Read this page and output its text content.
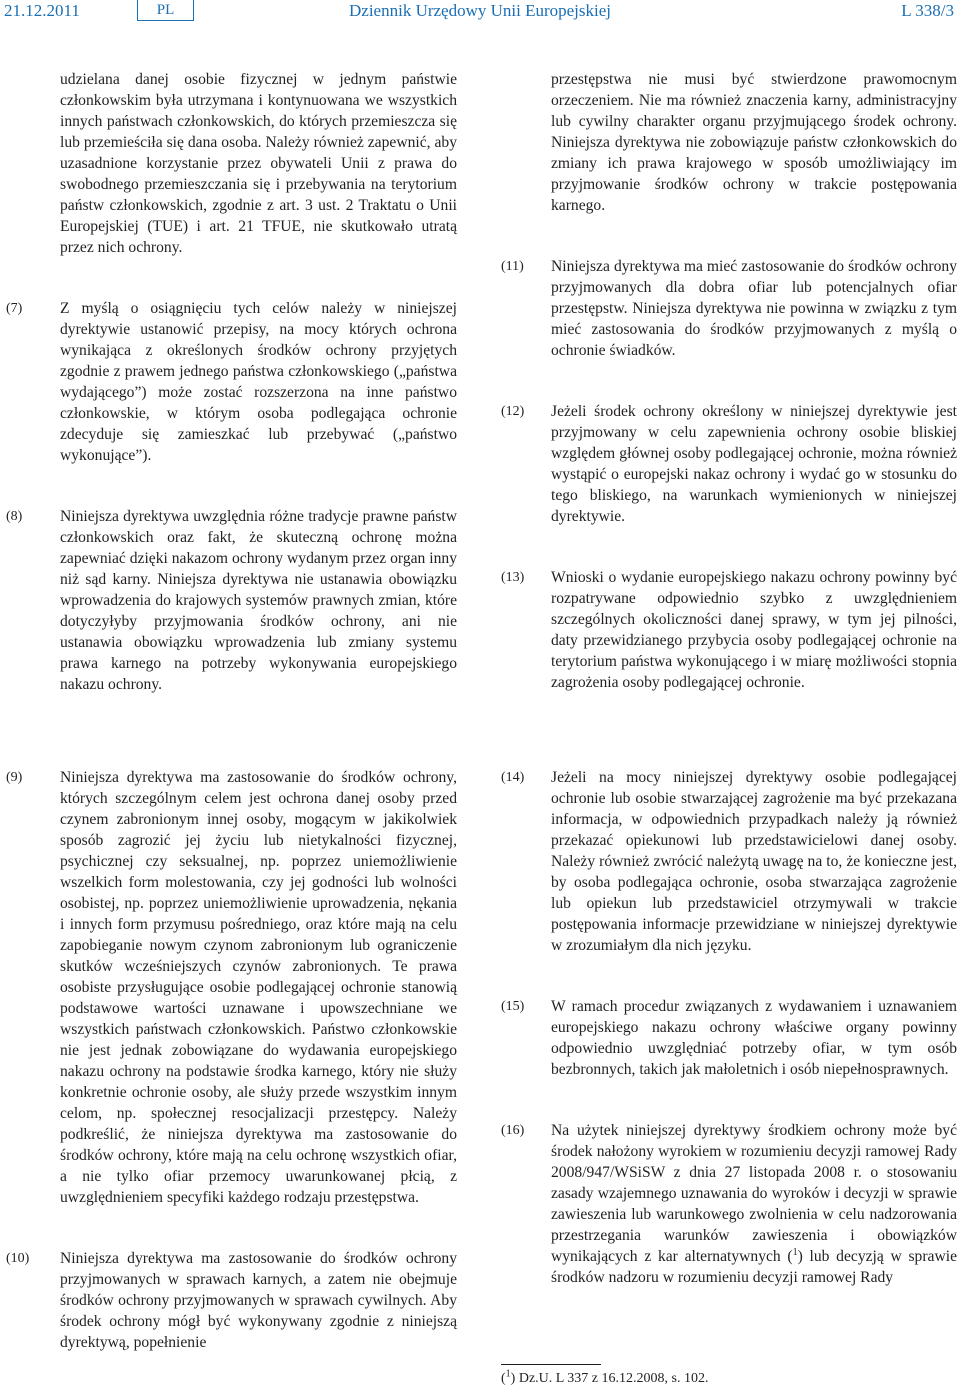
21.12.2011	PL	Dziennik Urzędowy Unii Europejskiej	L 338/3

udzielana danej osobie fizycznej w jednym państwie członkowskim była utrzymana i kontynuowana we wszystkich innych państwach członkowskich, do których przemieszcza się lub przemieściła się dana osoba. Należy również zapewnić, aby uzasadnione korzystanie przez obywateli Unii z prawa do swobodnego przemieszczania się i przebywania na terytorium państw członkowskich, zgodnie z art. 3 ust. 2 Traktatu o Unii Europejskiej (TUE) i art. 21 TFUE, nie skutkowało utratą przez nich ochrony.

(7)	Z myślą o osiągnięciu tych celów należy w niniejszej dyrektywie ustanowić przepisy, na mocy których ochrona wynikająca z określonych środków ochrony przyjętych zgodnie z prawem jednego państwa członkowskiego („państwa wydającego”) może zostać rozszerzona na inne państwo członkowskie, w którym osoba podlegająca ochronie zdecyduje się zamieszkać lub przebywać („państwo wykonujące”).
(8)	Niniejsza dyrektywa uwzględnia różne tradycje prawne państw członkowskich oraz fakt, że skuteczną ochronę można zapewniać dzięki nakazom ochrony wydanym przez organ inny niż sąd karny. Niniejsza dyrektywa nie ustanawia obowiązku wprowadzenia do krajowych systemów prawnych zmian, które dotyczyłyby przyjmowania środków ochrony, ani nie ustanawia obowiązku wprowadzenia lub zmiany systemu prawa karnego na potrzeby wykonywania europejskiego nakazu ochrony.

przestępstwa nie musi być stwierdzone prawomocnym orzeczeniem. Nie ma również znaczenia karny, administracyjny lub cywilny charakter organu przyjmującego środek ochrony. Niniejsza dyrektywa nie zobowiązuje państw członkowskich do zmiany ich prawa krajowego w sposób umożliwiający im przyjmowanie środków ochrony w trakcie postępowania karnego.

(11)	Niniejsza dyrektywa ma mieć zastosowanie do środków ochrony przyjmowanych dla dobra ofiar lub potencjalnych ofiar przestępstw. Niniejsza dyrektywa nie powinna w związku z tym mieć zastosowania do środków przyjmowanych z myślą o ochronie świadków.
(12)	Jeżeli środek ochrony określony w niniejszej dyrektywie jest przyjmowany w celu zapewnienia ochrony osobie bliskiej względem głównej osoby podlegającej ochronie, można również wystąpić o europejski nakaz ochrony i wydać go w stosunku do tego bliskiego, na warunkach wymienionych w niniejszej dyrektywie.
(13)	Wnioski o wydanie europejskiego nakazu ochrony powinny być rozpatrywane odpowiednio szybko z uwzględnieniem szczególnych okoliczności danej sprawy, w tym jej pilności, daty przewidzianego przybycia osoby podlegającej ochronie na terytorium państwa wykonującego i w miarę możliwości stopnia zagrożenia osoby podlegającej ochronie.
(9)	Niniejsza dyrektywa ma zastosowanie do środków ochrony, których szczególnym celem jest ochrona danej osoby przed czynem zabronionym innej osoby, mogącym w jakikolwiek sposób zagrozić jej życiu lub nietykalności fizycznej, psychicznej czy seksualnej, np. poprzez uniemożliwienie wszelkich form molestowania, czy jej godności lub wolności osobistej, np. poprzez uniemożliwienie uprowadzenia, nękania i innych form przymusu pośredniego, oraz które mają na celu zapobieganie nowym czynom zabronionym lub ograniczenie skutków wcześniejszych czynów zabronionych. Te prawa osobiste przysługujące osobie podlegającej ochronie stanowią podstawowe wartości uznawane i upowszechniane we wszystkich państwach członkowskich. Państwo członkowskie nie jest jednak zobowiązane do wydawania europejskiego nakazu ochrony na podstawie środka karnego, który nie służy konkretnie ochronie osoby, ale służy przede wszystkim innym celom, np. społecznej resocjalizacji przestępcy. Należy podkreślić, że niniejsza dyrektywa ma zastosowanie do środków ochrony, które mają na celu ochronę wszystkich ofiar, a nie tylko ofiar przemocy uwarunkowanej płcią, z uwzględnieniem specyfiki każdego rodzaju przestępstwa.
(10)	Niniejsza dyrektywa ma zastosowanie do środków ochrony przyjmowanych w sprawach karnych, a zatem nie obejmuje środków ochrony przyjmowanych w sprawach cywilnych. Aby środek ochrony mógł być wykonywany zgodnie z niniejszą dyrektywą, popełnienie
(14)	Jeżeli na mocy niniejszej dyrektywy osobie podlegającej ochronie lub osobie stwarzającej zagrożenie ma być przekazana informacja, w odpowiednich przypadkach należy ją również przekazać opiekunowi lub przedstawicielowi danej osoby. Należy również zwrócić należytą uwagę na to, że konieczne jest, by osoba podlegająca ochronie, osoba stwarzająca zagrożenie lub opiekun lub przedstawiciel otrzymywali w trakcie postępowania informacje przewidziane w niniejszej dyrektywie w zrozumiałym dla nich języku.
(15)	W ramach procedur związanych z wydawaniem i uznawaniem europejskiego nakazu ochrony właściwe organy powinny odpowiednio uwzględniać potrzeby ofiar, w tym osób bezbronnych, takich jak małoletnich i osób niepełnosprawnych.
(16)	Na użytek niniejszej dyrektywy środkiem ochrony może być środek nałożony wyrokiem w rozumieniu decyzji ramowej Rady 2008/947/WSiSW z dnia 27 listopada 2008 r. o stosowaniu zasady wzajemnego uznawania do wyroków i decyzji w sprawie zawieszenia lub warunkowego zwolnienia w celu nadzorowania przestrzegania warunków zawieszenia i obowiązków wynikających z kar alternatywnych ($^1$) lub decyzją w sprawie środków nadzoru w rozumieniu decyzji ramowej Rady
($^1$) Dz.U. L 337 z 16.12.2008, s. 102.
